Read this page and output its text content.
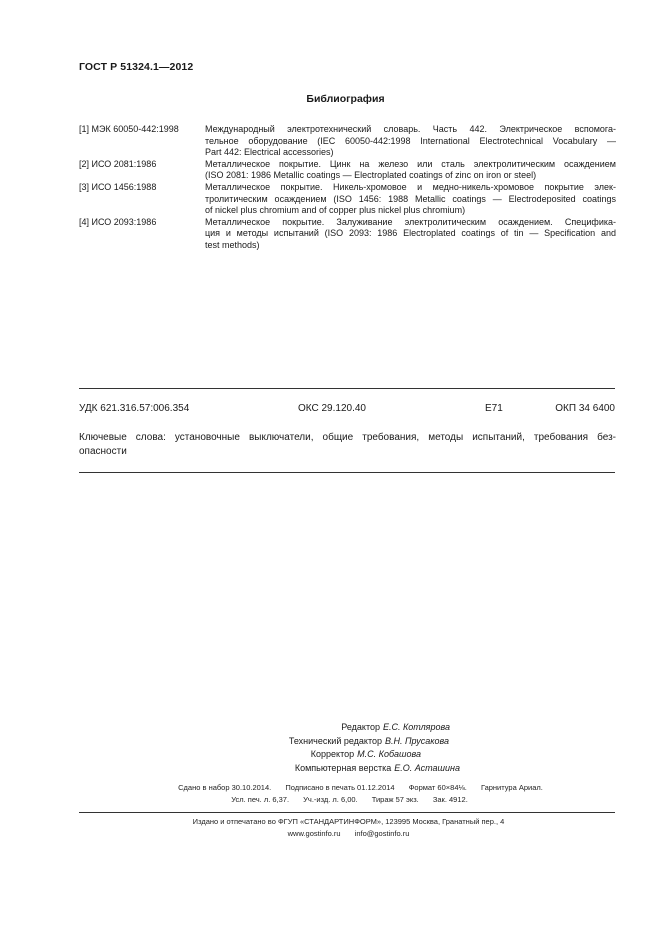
ГОСТ Р 51324.1—2012
Библиография
[1] МЭК 60050-442:1998	Международный электротехнический словарь. Часть 442. Электрическое вспомога-
тельное оборудование (IEC 60050-442:1998 International Electrotechnical Vocabulary —
Part 442: Electrical accessories)
[2] ИСО 2081:1986	Металлическое покрытие. Цинк на железо или сталь электролитическим осаждением
(ISO 2081: 1986 Metallic coatings — Electroplated coatings of zinc on iron or steel)
[3] ИСО 1456:1988	Металлическое покрытие. Никель-хромовое и медно-никель-хромовое покрытие элек-
тролитическим осаждением (ISO 1456: 1988 Metallic coatings — Electrodeposited coatings
of nickel plus chromium and of copper plus nickel plus chromium)
[4] ИСО 2093:1986	Металлическое покрытие. Залуживание электролитическим осаждением. Специфика-
ция и методы испытаний (ISO 2093: 1986 Electroplated coatings of tin — Specification and
test methods)
УДК 621.316.57:006.354	ОКС 29.120.40	Е71	ОКП 34 6400
Ключевые слова: установочные выключатели, общие требования, методы испытаний, требования без-
опасности
Редактор Е.С. Котлярова
Технический редактор В.Н. Прусакова
Корректор М.С. Кобашова
Компьютерная верстка Е.О. Асташина
Сдано в набор 30.10.2014. Подписано в печать 01.12.2014 Формат 60×84⅛. Гарнитура Ариал.
Усл. печ. л. 6,37. Уч.-изд. л. 6,00. Тираж 57 экз. Зак. 4912.
Издано и отпечатано во ФГУП «СТАНДАРТИНФОРМ», 123995 Москва, Гранатный пер., 4
www.gostinfo.ru info@gostinfo.ru
